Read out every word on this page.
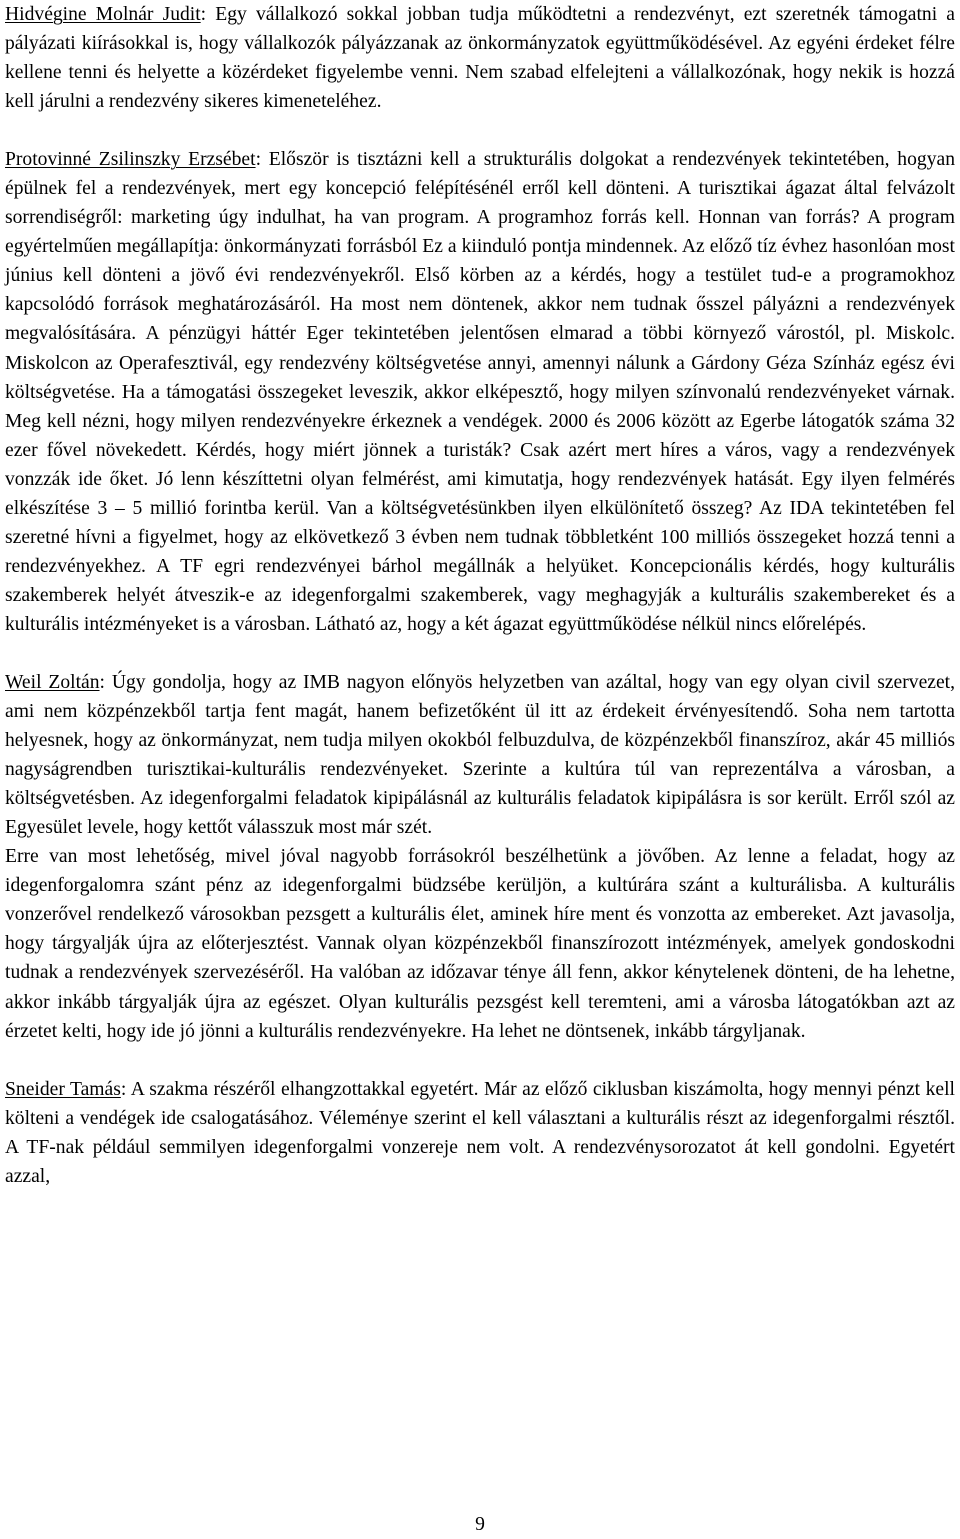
Hidvégine Molnár Judit: Egy vállalkozó sokkal jobban tudja működtetni a rendezvényt, ezt szeretnék támogatni a pályázati kiírásokkal is, hogy vállalkozók pályázzanak az önkormányzatok együttműködésével. Az egyéni érdeket félre kellene tenni és helyette a közérdeket figyelembe venni. Nem szabad elfelejteni a vállalkozónak, hogy nekik is hozzá kell járulni a rendezvény sikeres kimeneteléhez.

Protovinné Zsilinszky Erzsébet: Először is tisztázni kell a strukturális dolgokat a rendezvények tekintetében, hogyan épülnek fel a rendezvények, mert egy koncepció felépítésénél erről kell dönteni. A turisztikai ágazat által felvázolt sorrendiségről: marketing úgy indulhat, ha van program. A programhoz forrás kell. Honnan van forrás? A program egyértelműen megállapítja: önkormányzati forrásból Ez a kiinduló pontja mindennek. Az előző tíz évhez hasonlóan most június kell dönteni a jövő évi rendezvényekről. Első körben az a kérdés, hogy a testület tud-e a programokhoz kapcsolódó források meghatározásáról. Ha most nem döntenek, akkor nem tudnak ősszel pályázni a rendezvények megvalósítására. A pénzügyi háttér Eger tekintetében jelentősen elmarad a többi környező várostól, pl. Miskolc. Miskolcon az Operafesztivál, egy rendezvény költségvetése annyi, amennyi nálunk a Gárdony Géza Színház egész évi költségvetése. Ha a támogatási összegeket leveszik, akkor elképesztő, hogy milyen színvonalú rendezvényeket várnak. Meg kell nézni, hogy milyen rendezvényekre érkeznek a vendégek. 2000 és 2006 között az Egerbe látogatók száma 32 ezer fővel növekedett. Kérdés, hogy miért jönnek a turisták? Csak azért mert híres a város, vagy a rendezvények vonzzák ide őket. Jó lenn készíttetni olyan felmérést, ami kimutatja, hogy rendezvények hatását. Egy ilyen felmérés elkészítése 3 – 5 millió forintba kerül. Van a költségvetésünkben ilyen elkülönítető összeg? Az IDA tekintetében fel szeretné hívni a figyelmet, hogy az elkövetkező 3 évben nem tudnak többletként 100 milliós összegeket hozzá tenni a rendezvényekhez. A TF egri rendezvényei bárhol megállnák a helyüket. Koncepcionális kérdés, hogy kulturális szakemberek helyét átveszik-e az idegenforgalmi szakemberek, vagy meghagyják a kulturális szakembereket és a kulturális intézményeket is a városban. Látható az, hogy a két ágazat együttműködése nélkül nincs előrelépés.

Weil Zoltán: Úgy gondolja, hogy az IMB nagyon előnyös helyzetben van azáltal, hogy van egy olyan civil szervezet, ami nem közpénzekből tartja fent magát, hanem befizetőként ül itt az érdekeit érvényesítendő. Soha nem tartotta helyesnek, hogy az önkormányzat, nem tudja milyen okokból felbuzdulva, de közpénzekből finanszíroz, akár 45 milliós nagyságrendben turisztikai-kulturális rendezvényeket. Szerinte a kultúra túl van reprezentálva a városban, a költségvetésben. Az idegenforgalmi feladatok kipipálásnál az kulturális feladatok kipipálásra is sor került. Erről szól az Egyesület levele, hogy kettőt válasszuk most már szét.

Erre van most lehetőség, mivel jóval nagyobb forrásokról beszélhetünk a jövőben. Az lenne a feladat, hogy az idegenforgalomra szánt pénz az idegenforgalmi büdzsébe kerüljön, a kultúrára szánt a kulturálisba. A kulturális vonzerővel rendelkező városokban pezsgett a kulturális élet, aminek híre ment és vonzotta az embereket. Azt javasolja, hogy tárgyalják újra az előterjesztést. Vannak olyan közpénzekből finanszírozott intézmények, amelyek gondoskodni tudnak a rendezvények szervezéséről. Ha valóban az időzavar ténye áll fenn, akkor kénytelenek dönteni, de ha lehetne, akkor inkább tárgyalják újra az egészet. Olyan kulturális pezsgést kell teremteni, ami a városba látogatókban azt az érzetet kelti, hogy ide jó jönni a kulturális rendezvényekre. Ha lehet ne döntsenek, inkább tárgyljanak.

Sneider Tamás: A szakma részéről elhangzottakkal egyetért. Már az előző ciklusban kiszámolta, hogy mennyi pénzt kell költeni a vendégek ide csalogatásához. Véleménye szerint el kell választani a kulturális részt az idegenforgalmi résztől. A TF-nak például semmilyen idegenforgalmi vonzereje nem volt. A rendezvénysorozatot át kell gondolni. Egyetért azzal,

9
